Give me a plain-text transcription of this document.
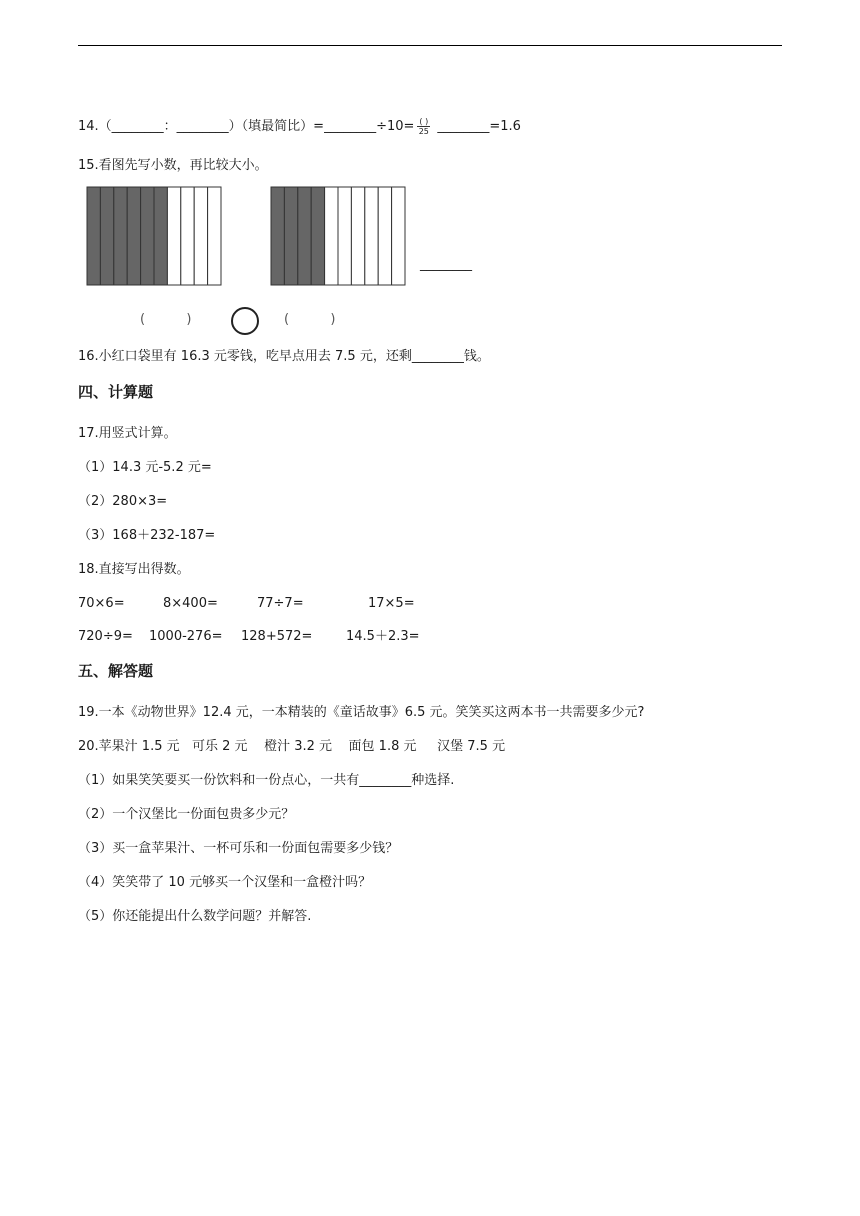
14.（________：________）（填最简比）=________÷10= $\frac{( )}{25}$ ________=1.6
15.看图先写小数，再比较大小。
________
(          )	(          )
16.小红口袋里有 16.3 元零钱，吃早点用去 7.5 元，还剩________钱。
四、计算题
17.用竖式计算。
（1）14.3 元-5.2 元=
（2）280×3=
（3）168＋232-187=
18.直接写出得数。
70×6=	8×400=	77÷7=	17×5=
720÷9= 1000-276= 128+572=	14.5＋2.3=
五、解答题
19.一本《动物世界》12.4 元，一本精装的《童话故事》6.5 元。笑笑买这两本书一共需要多少元?
20.苹果汁 1.5 元   可乐 2 元    橙汁 3.2 元    面包 1.8 元     汉堡 7.5 元
（1）如果笑笑要买一份饮料和一份点心，一共有________种选择.
（2）一个汉堡比一份面包贵多少元？
（3）买一盒苹果汁、一杯可乐和一份面包需要多少钱？
（4）笑笑带了 10 元够买一个汉堡和一盒橙汁吗？
（5）你还能提出什么数学问题？并解答.
